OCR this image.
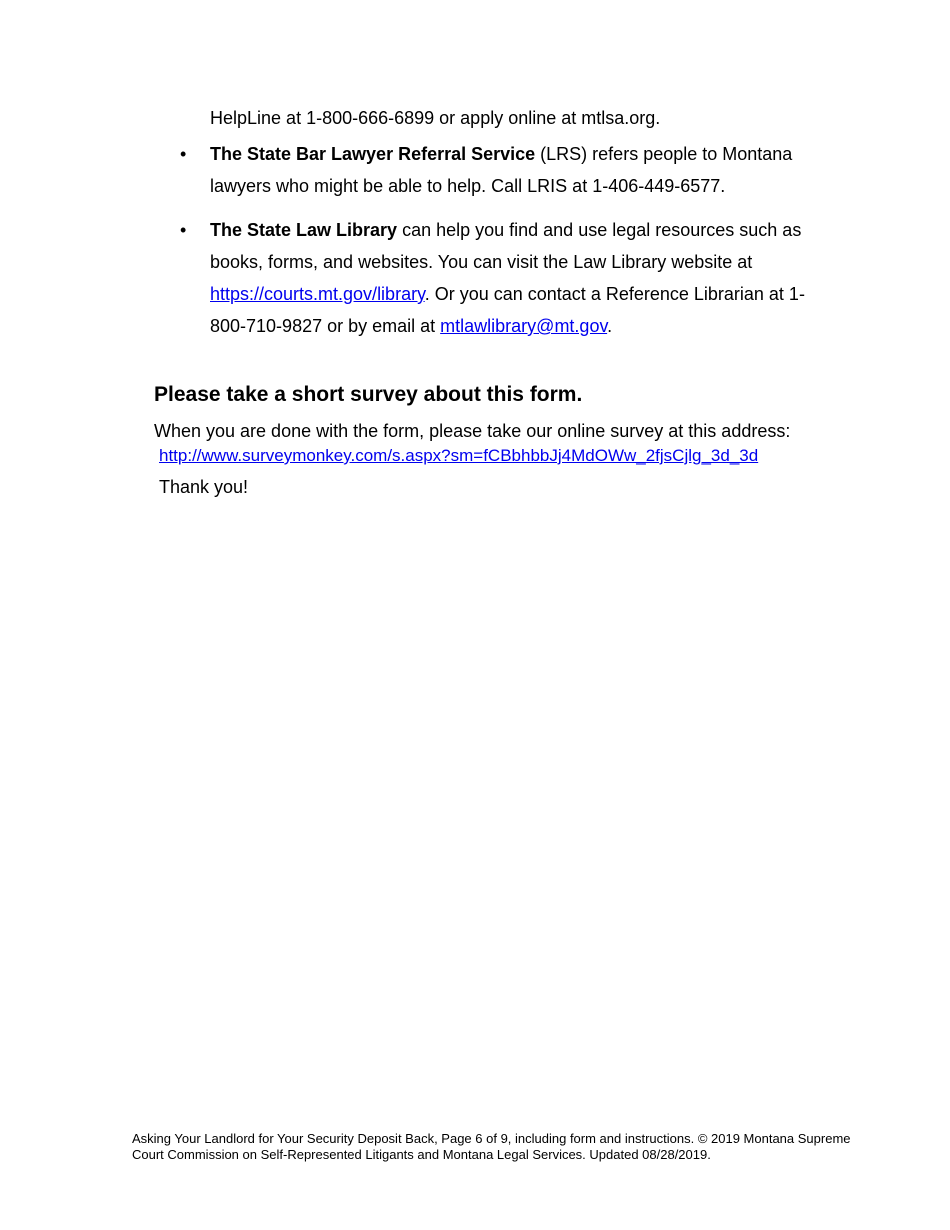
HelpLine at 1-800-666-6899 or apply online at mtlsa.org.
• The State Bar Lawyer Referral Service (LRS) refers people to Montana lawyers who might be able to help. Call LRIS at 1-406-449-6577.
• The State Law Library can help you find and use legal resources such as books, forms, and websites. You can visit the Law Library website at https://courts.mt.gov/library. Or you can contact a Reference Librarian at 1-800-710-9827 or by email at mtlawlibrary@mt.gov.
Please take a short survey about this form.

When you are done with the form, please take our online survey at this address:

http://www.surveymonkey.com/s.aspx?sm=fCBbhbbJj4MdOWw_2fjsCjlg_3d_3d

Thank you!

Asking Your Landlord for Your Security Deposit Back, Page 6 of 9, including form and instructions. © 2019 Montana Supreme Court Commission on Self-Represented Litigants and Montana Legal Services. Updated 08/28/2019.
